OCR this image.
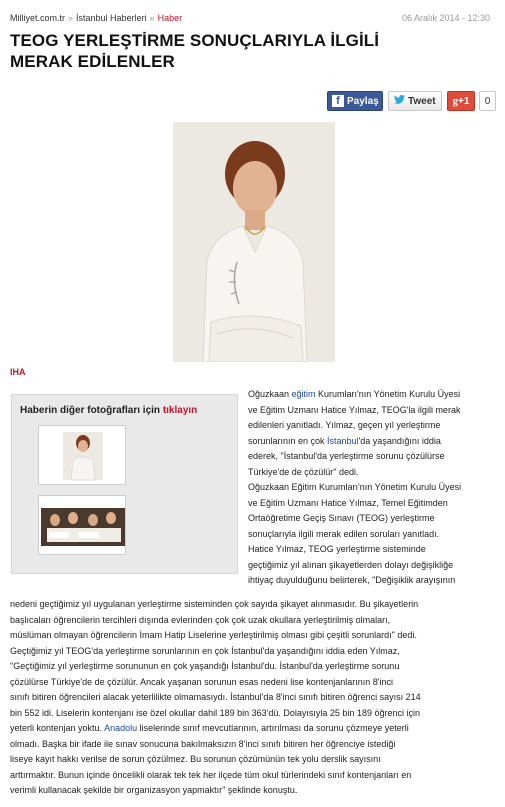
Milliyet.com.tr » İstanbul Haberleri » Haber	06 Aralık 2014 - 12:30
TEOG YERLEŞTİRME SONUÇLARIYLA İLGİLİ
MERAK EDİLENLER
f Paylaş	Tweet g +1	0
IHA
Haberin diğer fotoğrafları için tıklayın
Oğuzkaan eğitim Kurumları'nın Yönetim Kurulu Üyesi
ve Eğitim Uzmanı Hatice Yılmaz, TEOG'la ilgili merak
edilenleri yanıtladı. Yılmaz, geçen yıl yerleştirme
sorunlarının en çok İstanbul'da yaşandığını iddia
ederek, "İstanbul'da yerleştirme sorunu çözülürse
Türkiye'de de çözülür" dedi.
Oğuzkaan Eğitim Kurumları'nın Yönetim Kurulu Üyesi
ve Eğitim Uzmanı Hatice Yılmaz, Temel Eğitimden
Ortaöğretime Geçiş Sınavı (TEOG) yerleştirme
sonuçlarıyla ilgili merak edilen soruları yanıtladı.
Hatice Yılmaz, TEOG yerleştirme sisteminde
geçtiğimiz yıl alınan şikayetlerden dolayı değişikliğe
ihtiyaç duyulduğunu belirterek, "Değişiklik arayışının
nedeni geçtiğimiz yıl uygulanan yerleştirme sisteminden çok sayıda şikayet alınmasıdır. Bu şikayetlerin
başlıcaları öğrencilerin tercihleri dışında evlerinden çok çok uzak okullara yerleştirilmiş olmaları,
müslüman olmayan öğrencilerin İmam Hatip Liselerine yerleştirilmiş olması gibi çeşitli sorunlardı" dedi.
Geçtiğimiz yıl TEOG'da yerleştirme sorunlarının en çok İstanbul'da yaşandığını iddia eden Yılmaz,
"Geçtiğimiz yıl yerleştirme sorununun en çok yaşandığı İstanbul'du. İstanbul'da yerleştirme sorunu
çözülürse Türkiye'de de çözülür. Ancak yaşanan sorunun esas nedeni lise kontenjanlarının 8'inci
sınıfı bitiren öğrencileri alacak yeterlilikte olmamasıydı. İstanbul'da 8'inci sınıfı bitiren öğrenci sayısı 214
bin 552 idi. Liselerin kontenjanı ise özel okullar dahil 189 bin 363'dü. Dolayısıyla 25 bin 189 öğrenci için
yeterli kontenjan yoktu. Anadolu liselerinde sınıf mevcutlarının, artırılması da sorunu çözmeye yeterli
olmadı. Başka bir ifade ile sınav sonucuna bakılmaksızın 8'inci sınıfı bitiren her öğrenciye istediği
liseye kayıt hakkı verilse de sorun çözülmez. Bu sorunun çözümünün tek yolu derslik sayısını
arttırmaktır. Bunun içinde öncelikli olarak tek tek her ilçede tüm okul türlerindeki sınıf kontenjanları en
verimli kullanacak şekilde bir organizasyon yapmaktır" şeklinde konuştu.
